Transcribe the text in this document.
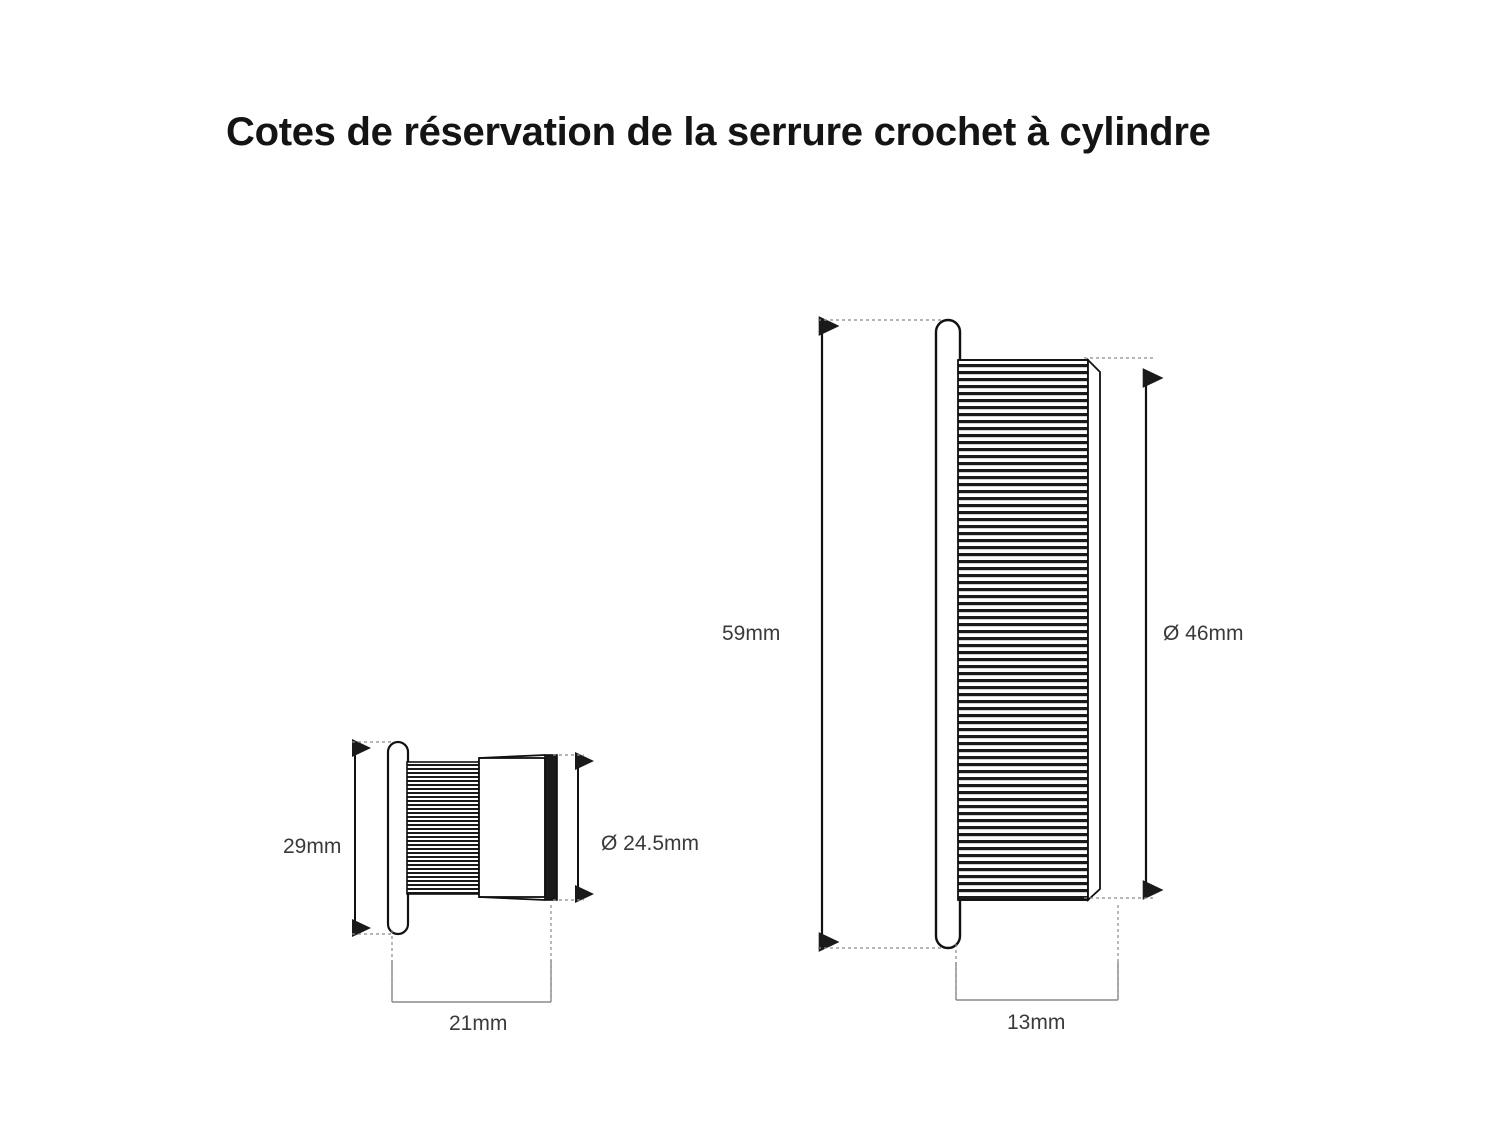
Cotes de réservation de la serrure crochet à cylindre
29mm	Ø 24.5mm
21mm
59mm	Ø 46mm
13mm
